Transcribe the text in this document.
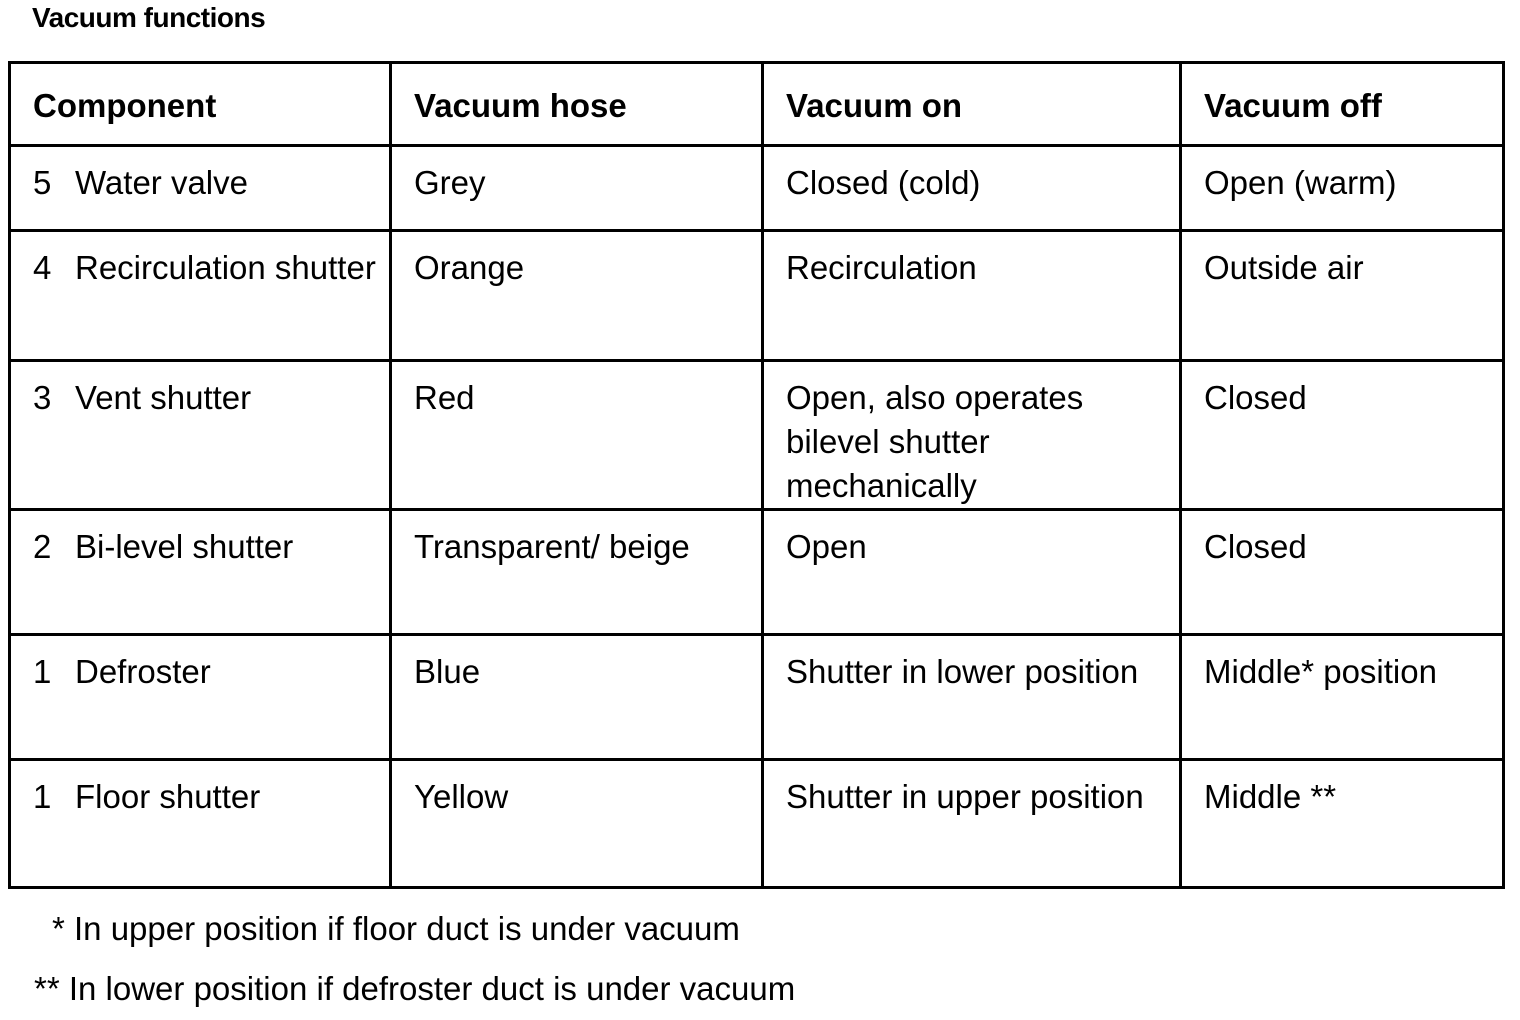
Vacuum functions
Component	Vacuum hose	Vacuum on	Vacuum off

5 Water valve	Grey	Closed (cold)	Open (warm)

4 Recirculation shutter	Orange	Recirculation	Outside air

3 Vent shutter	Red	Open, also operates bilevel shutter mechanically	Closed

2 Bi-level shutter	Transparent/ beige	Open	Closed

1 Defroster	Blue	Shutter in lower position	Middle* position

1 Floor shutter	Yellow	Shutter in upper position	Middle **
* In upper position if floor duct is under vacuum
** In lower position if defroster duct is under vacuum
